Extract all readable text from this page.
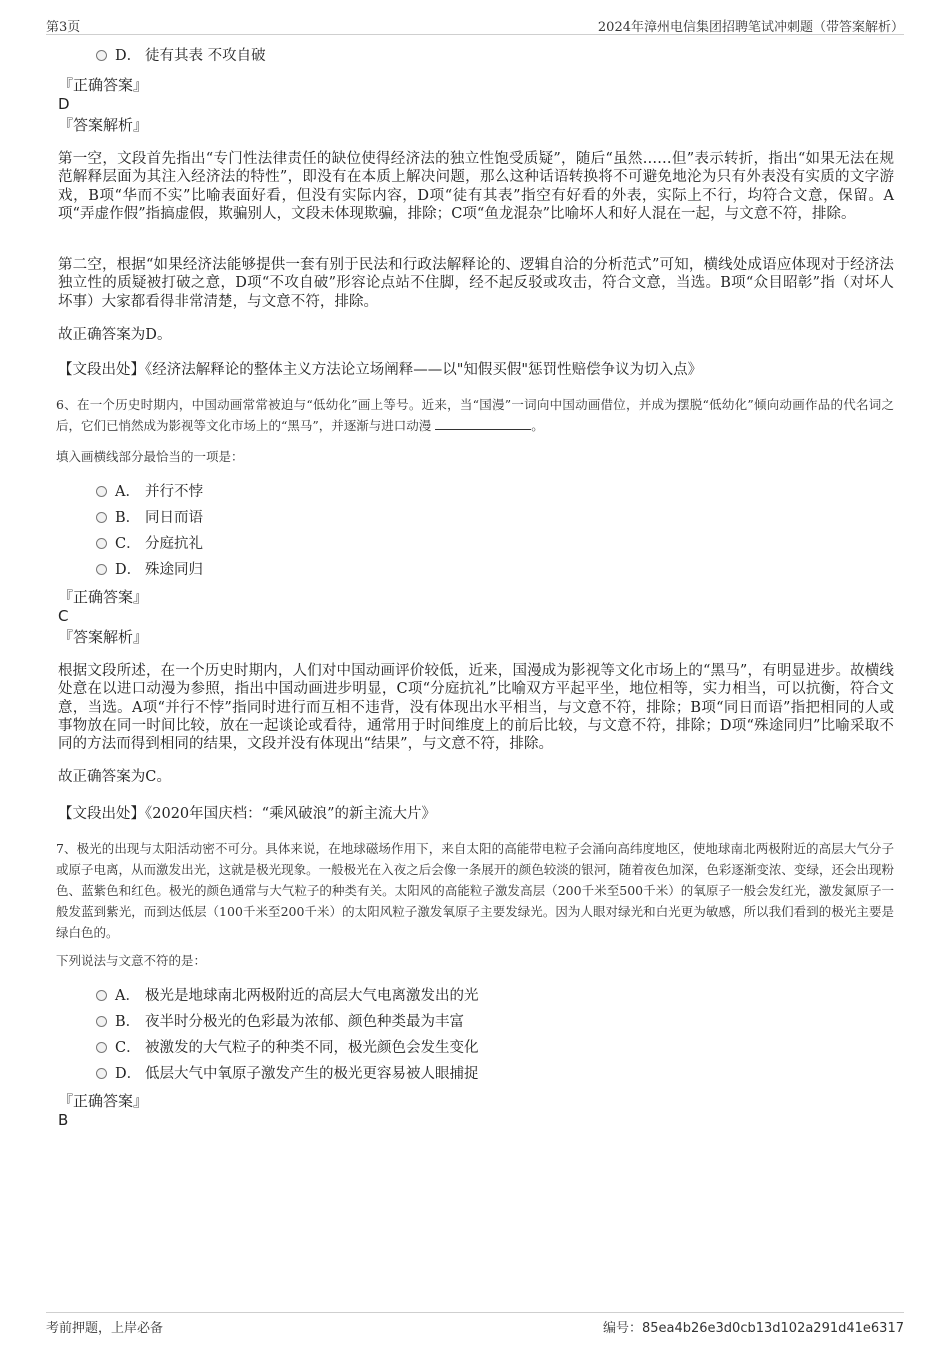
第3页	2024年漳州电信集团招聘笔试冲刺题（带答案解析）
D． 徒有其表 不攻自破
『正确答案』
D
『答案解析』
第一空，文段首先指出“专门性法律责任的缺位使得经济法的独立性饱受质疑”，随后“虽然……但”表示转折，指出“如果无法在规范解释层面为其注入经济法的特性”，即没有在本质上解决问题，那么这种话语转换将不可避免地沦为只有外表没有实质的文字游戏，B项“华而不实”比喻表面好看，但没有实际内容，D项“徒有其表”指空有好看的外表，实际上不行，均符合文意，保留。A项“弄虚作假”指搞虚假，欺骗别人，文段未体现欺骗，排除；C项“鱼龙混杂”比喻坏人和好人混在一起，与文意不符，排除。
第二空，根据“如果经济法能够提供一套有别于民法和行政法解释论的、逻辑自洽的分析范式”可知，横线处成语应体现对于经济法独立性的质疑被打破之意，D项“不攻自破”形容论点站不住脚，经不起反驳或攻击，符合文意，当选。B项“众目昭彰”指（对坏人坏事）大家都看得非常清楚，与文意不符，排除。
故正确答案为D。
【文段出处】《经济法解释论的整体主义方法论立场阐释——以"知假买假"惩罚性赔偿争议为切入点》
6、在一个历史时期内，中国动画常常被迫与“低幼化”画上等号。近来，当“国漫”一词向中国动画借位，并成为摆脱“低幼化”倾向动画作品的代名词之后，它们已悄然成为影视等文化市场上的“黑马”，并逐渐与进口动漫	。
填入画横线部分最恰当的一项是：
A． 并行不悖
B． 同日而语
C． 分庭抗礼
D． 殊途同归
『正确答案』
C
『答案解析』
根据文段所述，在一个历史时期内，人们对中国动画评价较低，近来，国漫成为影视等文化市场上的“黑马”，有明显进步。故横线处意在以进口动漫为参照，指出中国动画进步明显，C项“分庭抗礼”比喻双方平起平坐，地位相等，实力相当，可以抗衡，符合文意，当选。A项“并行不悖”指同时进行而互相不违背，没有体现出水平相当，与文意不符，排除；B项“同日而语”指把相同的人或事物放在同一时间比较，放在一起谈论或看待，通常用于时间维度上的前后比较，与文意不符，排除；D项“殊途同归”比喻采取不同的方法而得到相同的结果，文段并没有体现出“结果”，与文意不符，排除。
故正确答案为C。
【文段出处】《2020年国庆档：“乘风破浪”的新主流大片》
7、极光的出现与太阳活动密不可分。具体来说，在地球磁场作用下，来自太阳的高能带电粒子会涌向高纬度地区，使地球南北两极附近的高层大气分子或原子电离，从而激发出光，这就是极光现象。一般极光在入夜之后会像一条展开的颜色较淡的银河，随着夜色加深，色彩逐渐变浓、变绿，还会出现粉色、蓝紫色和红色。极光的颜色通常与大气粒子的种类有关。太阳风的高能粒子激发高层（200千米至500千米）的氧原子一般会发红光，激发氮原子一般发蓝到紫光，而到达低层（100千米至200千米）的太阳风粒子激发氧原子主要发绿光。因为人眼对绿光和白光更为敏感，所以我们看到的极光主要是绿白色的。
下列说法与文意不符的是：
A． 极光是地球南北两极附近的高层大气电离激发出的光
B． 夜半时分极光的色彩最为浓郁、颜色种类最为丰富
C． 被激发的大气粒子的种类不同，极光颜色会发生变化
D． 低层大气中氧原子激发产生的极光更容易被人眼捕捉
『正确答案』
B
考前押题，上岸必备	编号：85ea4b26e3d0cb13d102a291d41e6317
